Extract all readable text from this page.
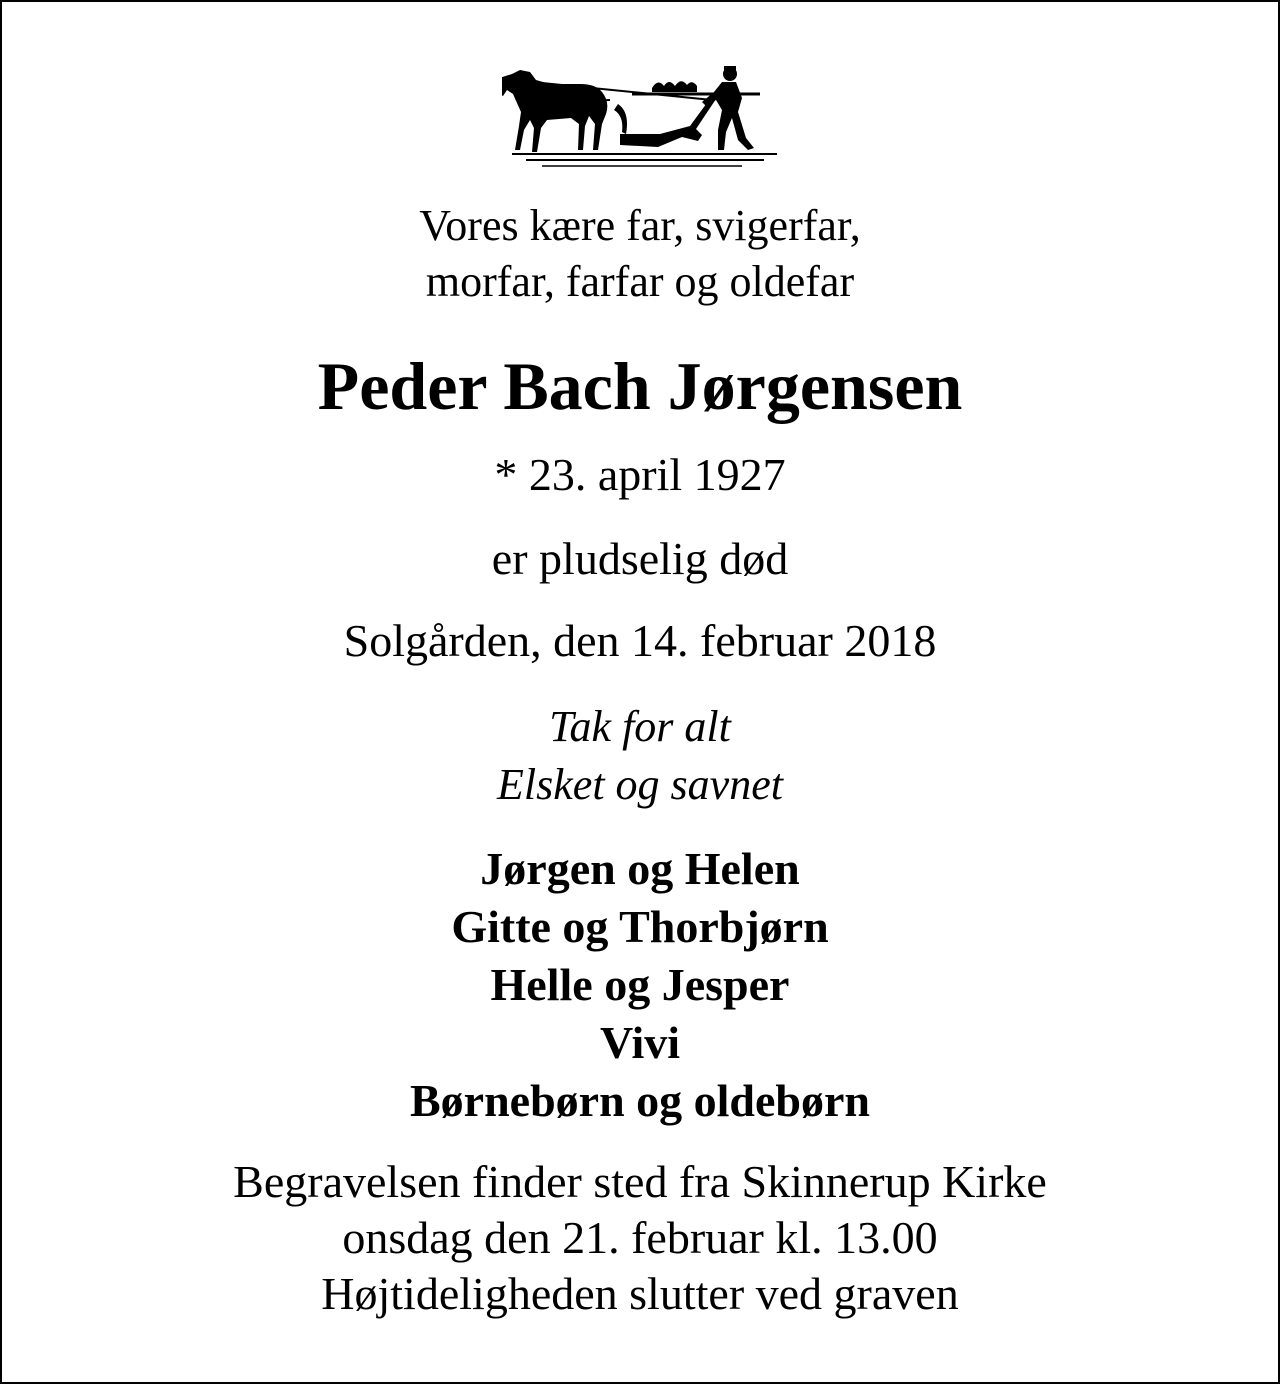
Vores kære far, svigerfar,
morfar, farfar og oldefar
Peder Bach Jørgensen
* 23. april 1927
er pludselig død
Solgården, den 14. februar 2018
Tak for alt
Elsket og savnet
Jørgen og Helen
Gitte og Thorbjørn
Helle og Jesper
Vivi
Børnebørn og oldebørn
Begravelsen finder sted fra Skinnerup Kirke
onsdag den 21. februar kl. 13.00
Højtideligheden slutter ved graven
